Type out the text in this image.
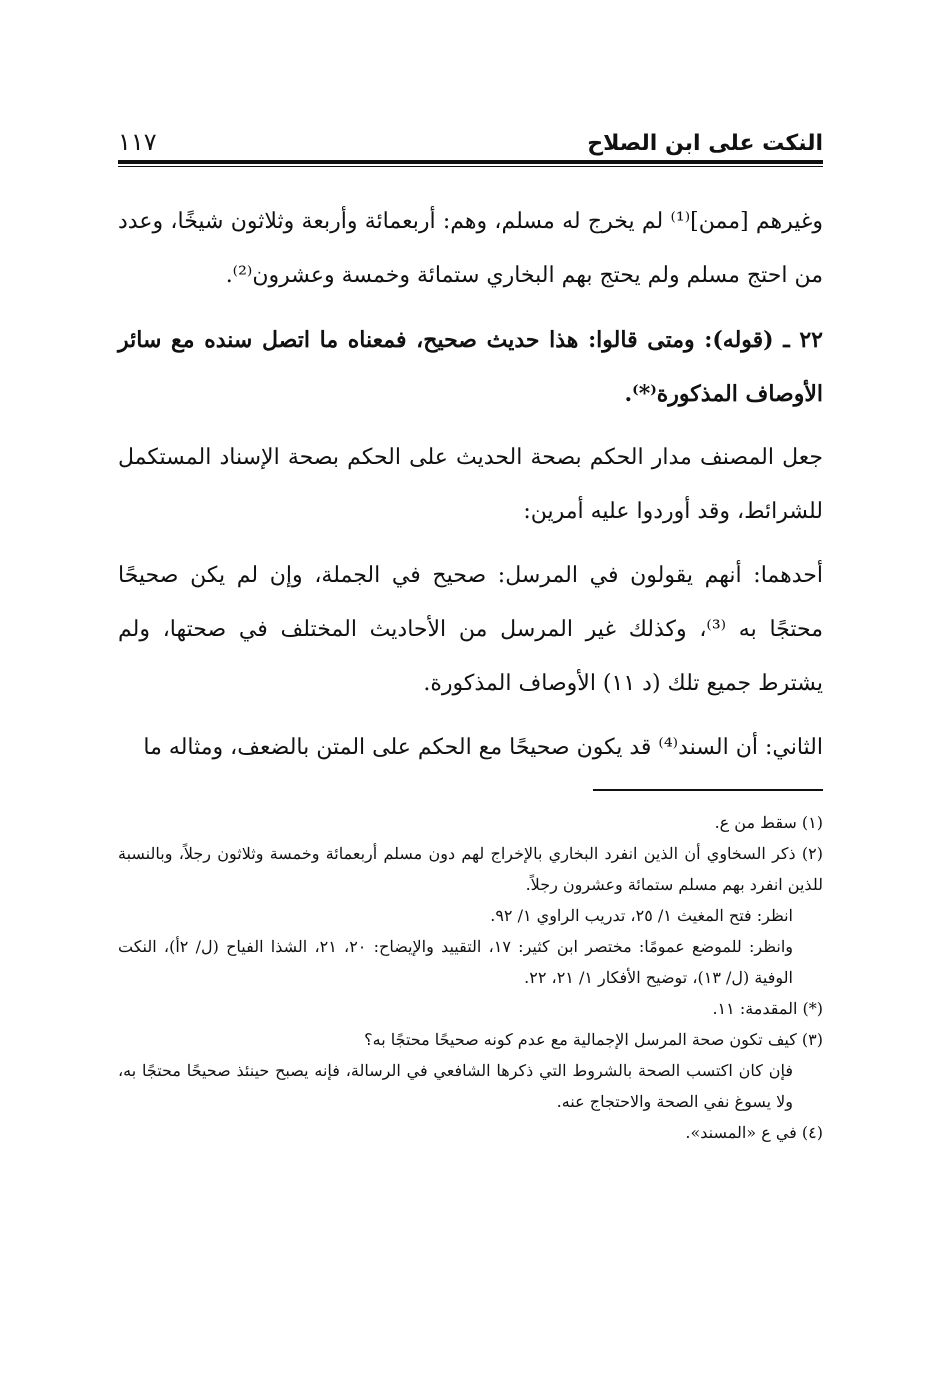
النكت على ابن الصلاح
١١٧

وغيرهم [ممن]⁽¹⁾ لم يخرج له مسلم، وهم: أربعمائة وأربعة وثلاثون شيخًا، وعدد من احتج مسلم ولم يحتج بهم البخاري ستمائة وخمسة وعشرون⁽²⁾.

٢٢ ـ (قوله): ومتى قالوا: هذا حديث صحيح، فمعناه ما اتصل سنده مع سائر الأوصاف المذكورة⁽*⁾.

جعل المصنف مدار الحكم بصحة الحديث على الحكم بصحة الإسناد المستكمل للشرائط، وقد أوردوا عليه أمرين:

أحدهما: أنهم يقولون في المرسل: صحيح في الجملة، وإن لم يكن صحيحًا محتجًا به ⁽³⁾، وكذلك غير المرسل من الأحاديث المختلف في صحتها، ولم يشترط جميع تلك (د ١١) الأوصاف المذكورة.

الثاني: أن السند⁽⁴⁾ قد يكون صحيحًا مع الحكم على المتن بالضعف، ومثاله ما

(١) سقط من ع.

(٢) ذكر السخاوي أن الذين انفرد البخاري بالإخراج لهم دون مسلم أربعمائة وخمسة وثلاثون رجلاً، وبالنسبة للذين انفرد بهم مسلم ستمائة وعشرون رجلاً.

انظر: فتح المغيث ١/ ٢٥، تدريب الراوي ١/ ٩٢.

وانظر: للموضع عمومًا: مختصر ابن كثير: ١٧، التقييد والإيضاح: ٢٠، ٢١، الشذا الفياح (ل/ ٢أ)، النكت الوفية (ل/ ١٣)، توضيح الأفكار ١/ ٢١، ٢٢.

(*) المقدمة: ١١.

(٣) كيف تكون صحة المرسل الإجمالية مع عدم كونه صحيحًا محتجًا به؟

فإن كان اكتسب الصحة بالشروط التي ذكرها الشافعي في الرسالة، فإنه يصبح حينئذ صحيحًا محتجًا به، ولا يسوغ نفي الصحة والاحتجاج عنه.

(٤) في ع «المسند».
